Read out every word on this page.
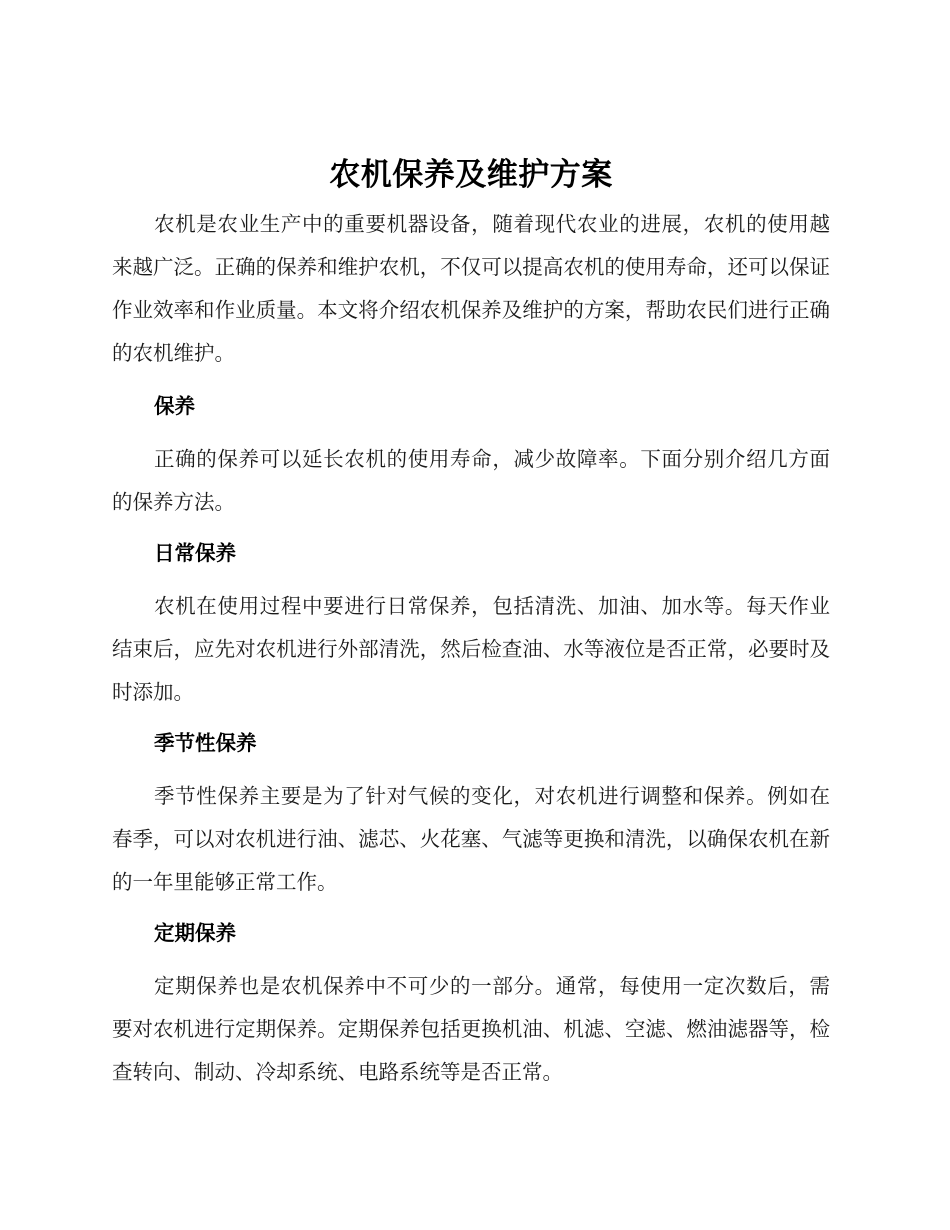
农机保养及维护方案

农机是农业生产中的重要机器设备，随着现代农业的进展，农机的使用越来越广泛。正确的保养和维护农机，不仅可以提高农机的使用寿命，还可以保证作业效率和作业质量。本文将介绍农机保养及维护的方案，帮助农民们进行正确的农机维护。

保养

正确的保养可以延长农机的使用寿命，减少故障率。下面分别介绍几方面的保养方法。

日常保养

农机在使用过程中要进行日常保养，包括清洗、加油、加水等。每天作业结束后，应先对农机进行外部清洗，然后检查油、水等液位是否正常，必要时及时添加。

季节性保养

季节性保养主要是为了针对气候的变化，对农机进行调整和保养。例如在春季，可以对农机进行油、滤芯、火花塞、气滤等更换和清洗，以确保农机在新的一年里能够正常工作。

定期保养

定期保养也是农机保养中不可少的一部分。通常，每使用一定次数后，需要对农机进行定期保养。定期保养包括更换机油、机滤、空滤、燃油滤器等，检查转向、制动、冷却系统、电路系统等是否正常。
